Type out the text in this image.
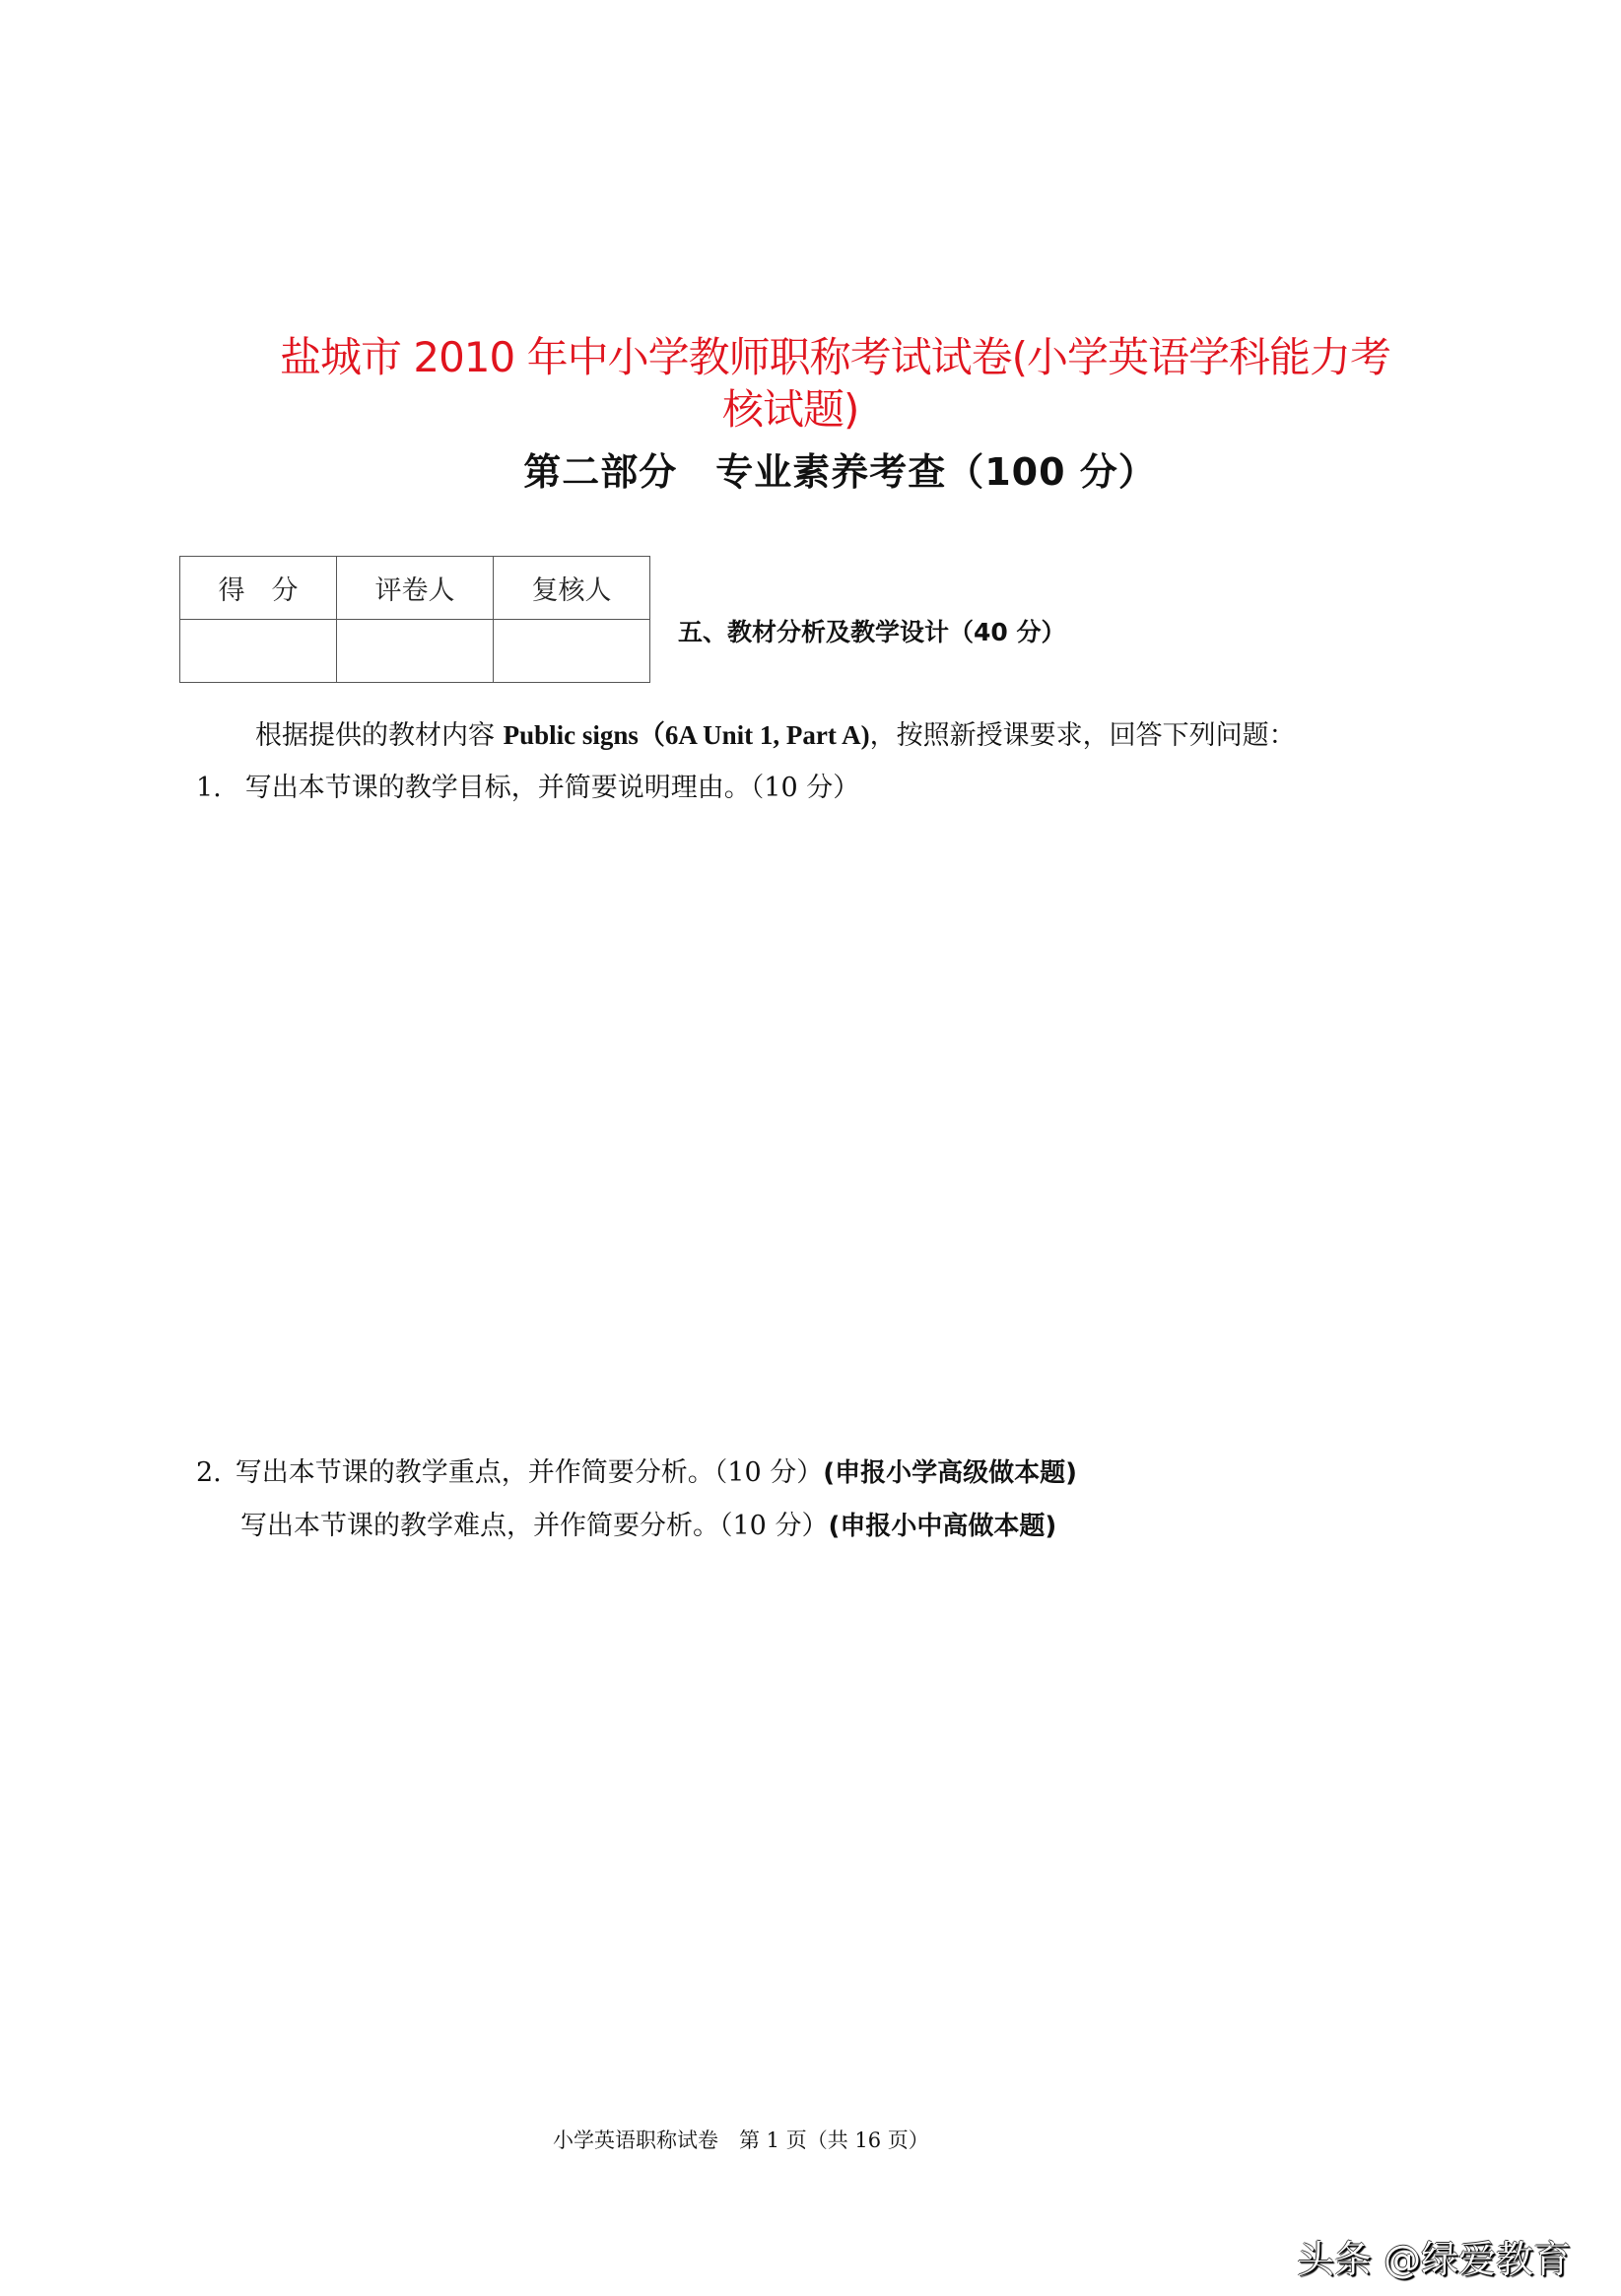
盐城市 2010 年中小学教师职称考试试卷(小学英语学科能力考
核试题)
第二部分　专业素养考查（100 分）
得　分	评卷人	复核人

五、教材分析及教学设计（40 分）
根据提供的教材内容 Public signs（6A Unit 1, Part A)，按照新授课要求，回答下列问题：
1. 写出本节课的教学目标，并简要说明理由。（10 分）
2. 写出本节课的教学重点，并作简要分析。（10 分）(申报小学高级做本题)
写出本节课的教学难点，并作简要分析。（10 分）(申报小中高做本题)
小学英语职称试卷　第 1 页（共 16 页）
头条 @绿爱教育
